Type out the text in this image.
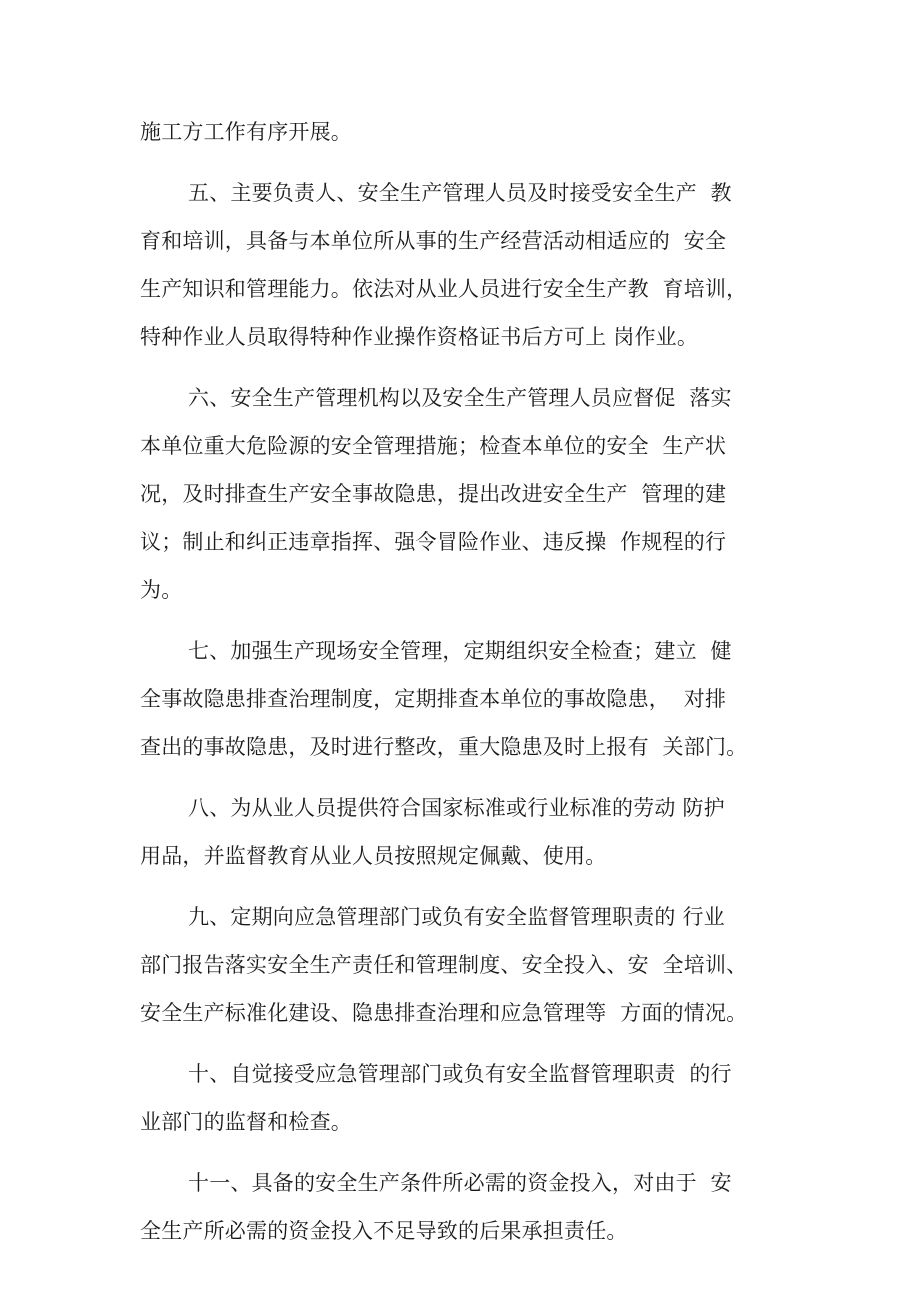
施工方工作有序开展。
五、主要负责人、安全生产管理人员及时接受安全生产  教
育和培训，具备与本单位所从事的生产经营活动相适应的  安全
生产知识和管理能力。依法对从业人员进行安全生产教  育培训，
特种作业人员取得特种作业操作资格证书后方可上 岗作业。
六、安全生产管理机构以及安全生产管理人员应督促  落实
本单位重大危险源的安全管理措施；检查本单位的安全  生产状
况，及时排查生产安全事故隐患，提出改进安全生产  管理的建
议；制止和纠正违章指挥、强令冒险作业、违反操  作规程的行
为。
七、加强生产现场安全管理，定期组织安全检查；建立  健
全事故隐患排查治理制度，定期排查本单位的事故隐患，  对排
查出的事故隐患，及时进行整改，重大隐患及时上报有  关部门。
八、为从业人员提供符合国家标准或行业标准的劳动 防护
用品，并监督教育从业人员按照规定佩戴、使用。
九、定期向应急管理部门或负有安全监督管理职责的 行业
部门报告落实安全生产责任和管理制度、安全投入、安  全培训、
安全生产标准化建设、隐患排查治理和应急管理等  方面的情况。
十、自觉接受应急管理部门或负有安全监督管理职责  的行
业部门的监督和检查。
十一、具备的安全生产条件所必需的资金投入，对由于  安
全生产所必需的资金投入不足导致的后果承担责任。
